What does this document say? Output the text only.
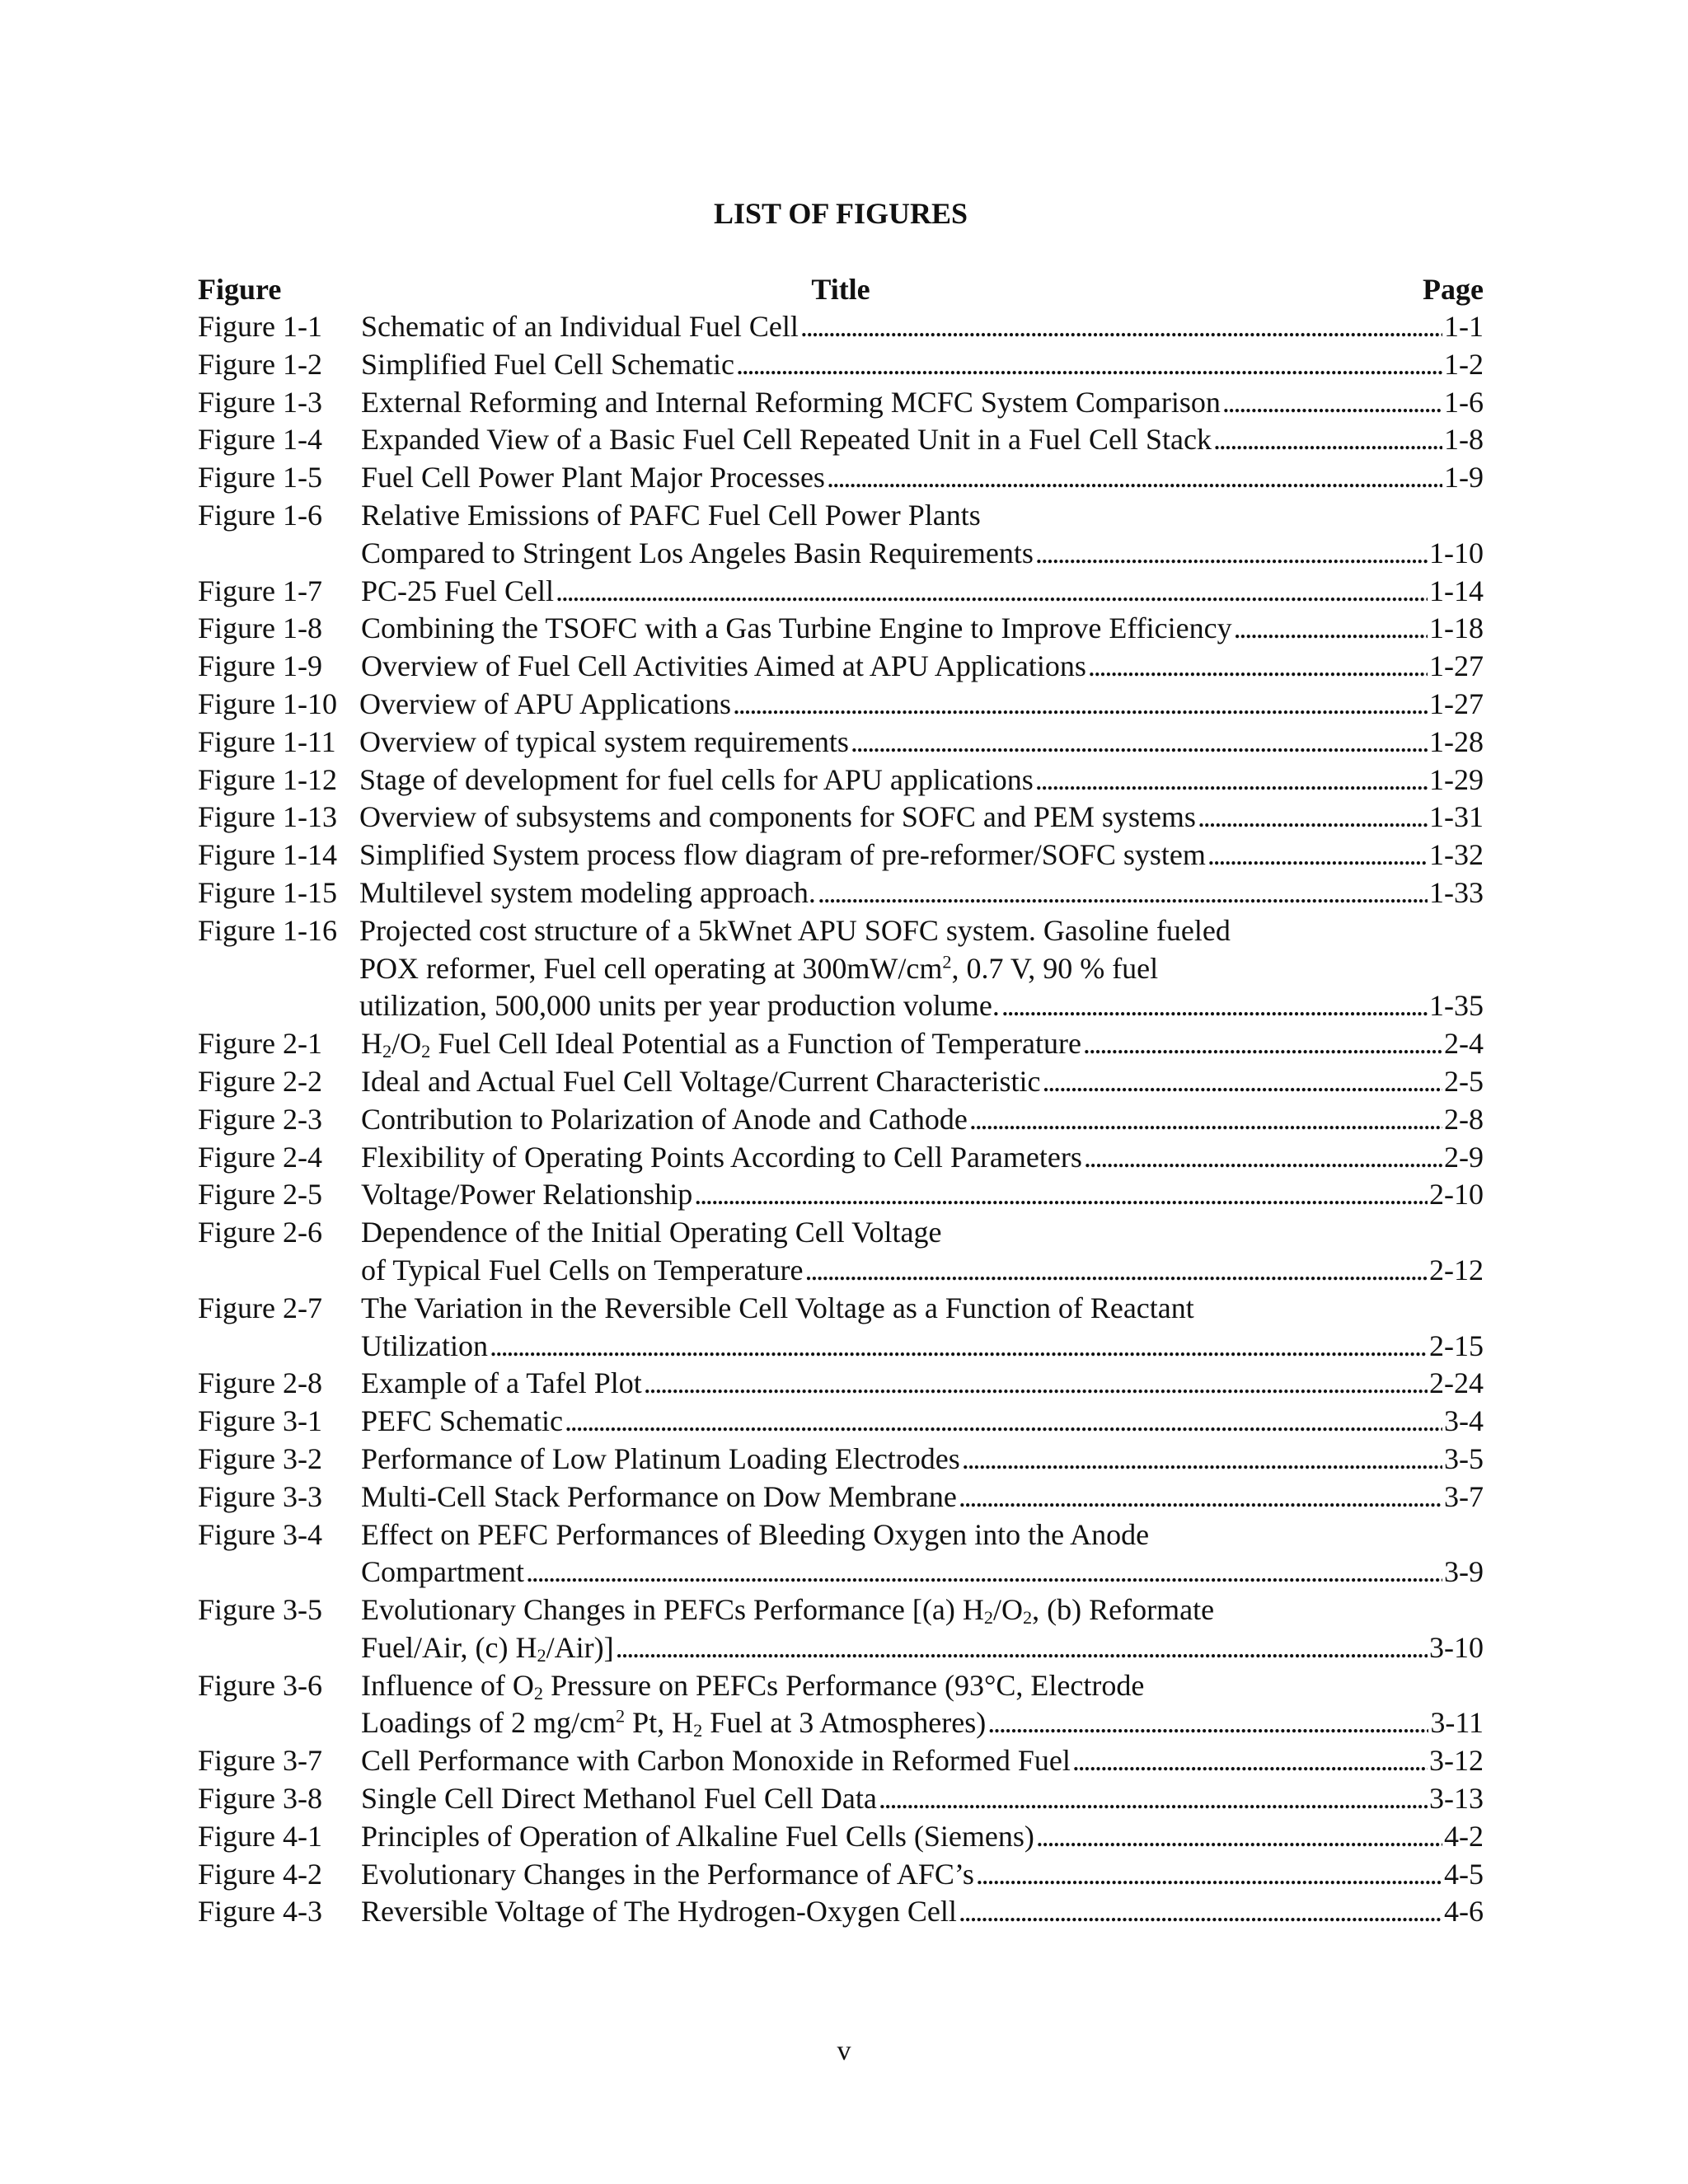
LIST OF FIGURES
Figure	Title	Page
Figure 1-1 Schematic of an Individual Fuel Cell . . .	1-1
Figure 1-2 Simplified Fuel Cell Schematic . . .	1-2
Figure 1-3 External Reforming and Internal Reforming MCFC System Comparison . . .	1-6
Figure 1-4 Expanded View of a Basic Fuel Cell Repeated Unit in a Fuel Cell Stack . . .	1-8
Figure 1-5 Fuel Cell Power Plant Major Processes . . .	1-9
Figure 1-6 Relative Emissions of PAFC Fuel Cell Power Plants
Compared to Stringent Los Angeles Basin Requirements . . .	1-10
Figure 1-7 PC-25 Fuel Cell . . .	1-14
Figure 1-8 Combining the TSOFC with a Gas Turbine Engine to Improve Efficiency . . .	1-18
Figure 1-9 Overview of Fuel Cell Activities Aimed at APU Applications . . .	1-27
Figure 1-10 Overview of APU Applications . . .	1-27
Figure 1-11 Overview of typical system requirements . . .	1-28
Figure 1-12 Stage of development for fuel cells for APU applications . . .	1-29
Figure 1-13 Overview of subsystems and components for SOFC and PEM systems . . .	1-31
Figure 1-14 Simplified System process flow diagram of pre-reformer/SOFC system . . .	1-32
Figure 1-15 Multilevel system modeling approach. . . .	1-33
Figure 1-16 Projected cost structure of a 5kWnet APU SOFC system. Gasoline fueled
POX reformer, Fuel cell operating at $300mW/cm^2$, 0.7 V, 90 % fuel
utilization, 500,000 units per year production volume. . . .	1-35
Figure 2-1 $H_2/O_2$ Fuel Cell Ideal Potential as a Function of Temperature . . .	2-4
Figure 2-2 Ideal and Actual Fuel Cell Voltage/Current Characteristic . . .	2-5
Figure 2-3 Contribution to Polarization of Anode and Cathode . . .	2-8
Figure 2-4 Flexibility of Operating Points According to Cell Parameters . . .	2-9
Figure 2-5 Voltage/Power Relationship . . .	2-10
Figure 2-6 Dependence of the Initial Operating Cell Voltage
of Typical Fuel Cells on Temperature . . .	2-12
Figure 2-7 The Variation in the Reversible Cell Voltage as a Function of Reactant
Utilization . . .	2-15
Figure 2-8 Example of a Tafel Plot . . .	2-24
Figure 3-1 PEFC Schematic . . .	3-4
Figure 3-2 Performance of Low Platinum Loading Electrodes . . .	3-5
Figure 3-3 Multi-Cell Stack Performance on Dow Membrane . . .	3-7
Figure 3-4 Effect on PEFC Performances of Bleeding Oxygen into the Anode
Compartment . . .	3-9
Figure 3-5 Evolutionary Changes in PEFCs Performance [(a) $H_2/O_2$, (b) Reformate
Fuel/Air, (c) $H_2/Air$)] . . .	3-10
Figure 3-6 Influence of $O_2$ Pressure on PEFCs Performance (93°C, Electrode
Loadings of 2 $mg/cm^2$ Pt, $H_2$ Fuel at 3 Atmospheres) . . .	3-11
Figure 3-7 Cell Performance with Carbon Monoxide in Reformed Fuel . . .	3-12
Figure 3-8 Single Cell Direct Methanol Fuel Cell Data . . .	3-13
Figure 4-1 Principles of Operation of Alkaline Fuel Cells (Siemens) . . .	4-2
Figure 4-2 Evolutionary Changes in the Performance of AFC’s . . .	4-5
Figure 4-3 Reversible Voltage of The Hydrogen-Oxygen Cell . . .	4-6
v
